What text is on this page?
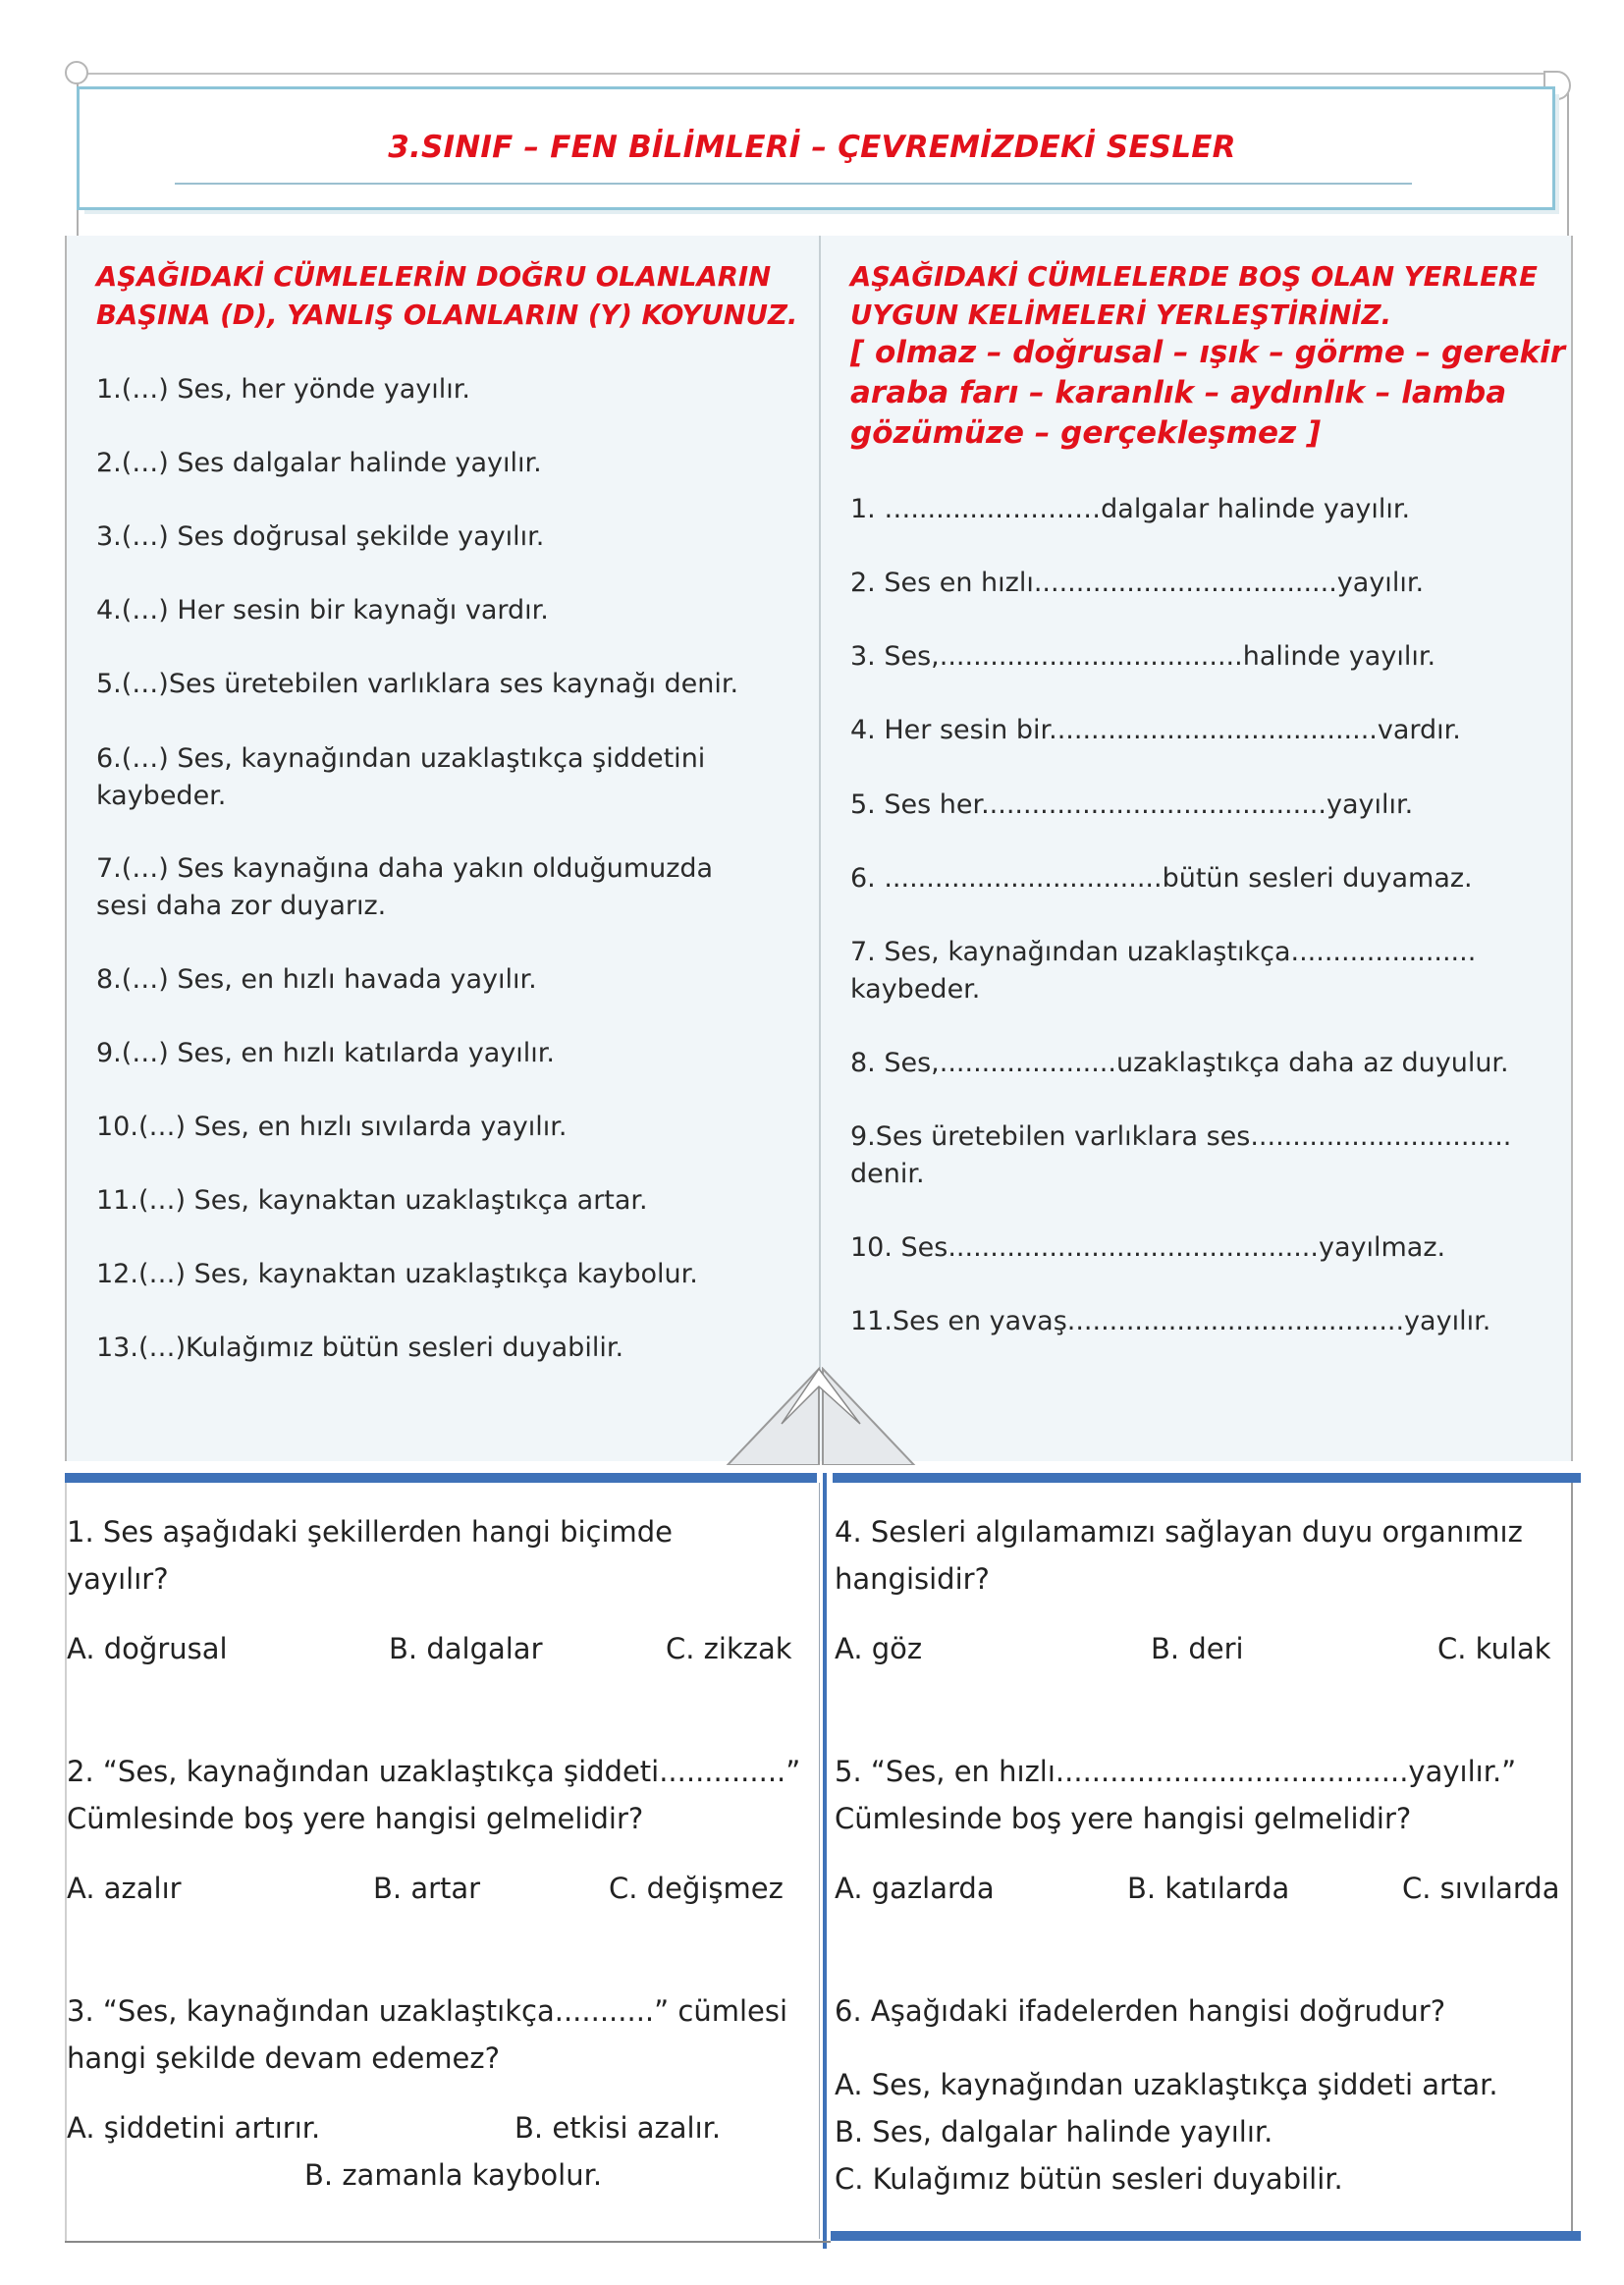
3.SINIF – FEN BİLİMLERİ – ÇEVREMİZDEKİ SESLER
AŞAĞIDAKİ CÜMLELERİN DOĞRU OLANLARIN
BAŞINA (D), YANLIŞ OLANLARIN (Y) KOYUNUZ.
1.(…) Ses, her yönde yayılır.
2.(…) Ses dalgalar halinde yayılır.
3.(…) Ses doğrusal şekilde yayılır.
4.(…) Her sesin bir kaynağı vardır.
5.(…)Ses üretebilen varlıklara ses kaynağı denir.
6.(…) Ses, kaynağından uzaklaştıkça şiddetini
kaybeder.
7.(…) Ses kaynağına daha yakın olduğumuzda
sesi daha zor duyarız.
8.(…) Ses, en hızlı havada yayılır.
9.(…) Ses, en hızlı katılarda yayılır.
10.(…) Ses, en hızlı sıvılarda yayılır.
11.(…) Ses, kaynaktan uzaklaştıkça artar.
12.(…) Ses, kaynaktan uzaklaştıkça kaybolur.
13.(…)Kulağımız bütün sesleri duyabilir.
AŞAĞIDAKİ CÜMLELERDE BOŞ OLAN YERLERE
UYGUN KELİMELERİ YERLEŞTİRİNİZ.
[ olmaz – doğrusal – ışık – görme – gerekir
araba farı – karanlık – aydınlık – lamba
gözümüze – gerçekleşmez ]
1. …..........…………dalgalar halinde yayılır.
2. Ses en hızlı....................................yayılır.
3. Ses,....................................halinde yayılır.
4. Her sesin bir.......................................vardır.
5. Ses her.........................................yayılır.
6. .................................bütün sesleri duyamaz.
7. Ses, kaynağından uzaklaştıkça......................
kaybeder.
8. Ses,.....................uzaklaştıkça daha az duyulur.
9.Ses üretebilen varlıklara ses...............................
denir.
10. Ses............................................yayılmaz.
11.Ses en yavaş........................................yayılır.
1. Ses aşağıdaki şekillerden hangi biçimde
yayılır?
A. doğrusal	B. dalgalar	C. zikzak
2. “Ses, kaynağından uzaklaştıkça şiddeti..............”
Cümlesinde boş yere hangisi gelmelidir?
A. azalır	B. artar	C. değişmez
3. “Ses, kaynağından uzaklaştıkça...........” cümlesi
hangi şekilde devam edemez?
A. şiddetini artırır.	B. etkisi azalır.
B. zamanla kaybolur.
4. Sesleri algılamamızı sağlayan duyu organımız
hangisidir?
A. göz	B. deri	C. kulak
5. “Ses, en hızlı.......................................yayılır.”
Cümlesinde boş yere hangisi gelmelidir?
A. gazlarda	B. katılarda	C. sıvılarda
6. Aşağıdaki ifadelerden hangisi doğrudur?
A. Ses, kaynağından uzaklaştıkça şiddeti artar.
B. Ses, dalgalar halinde yayılır.
C. Kulağımız bütün sesleri duyabilir.
